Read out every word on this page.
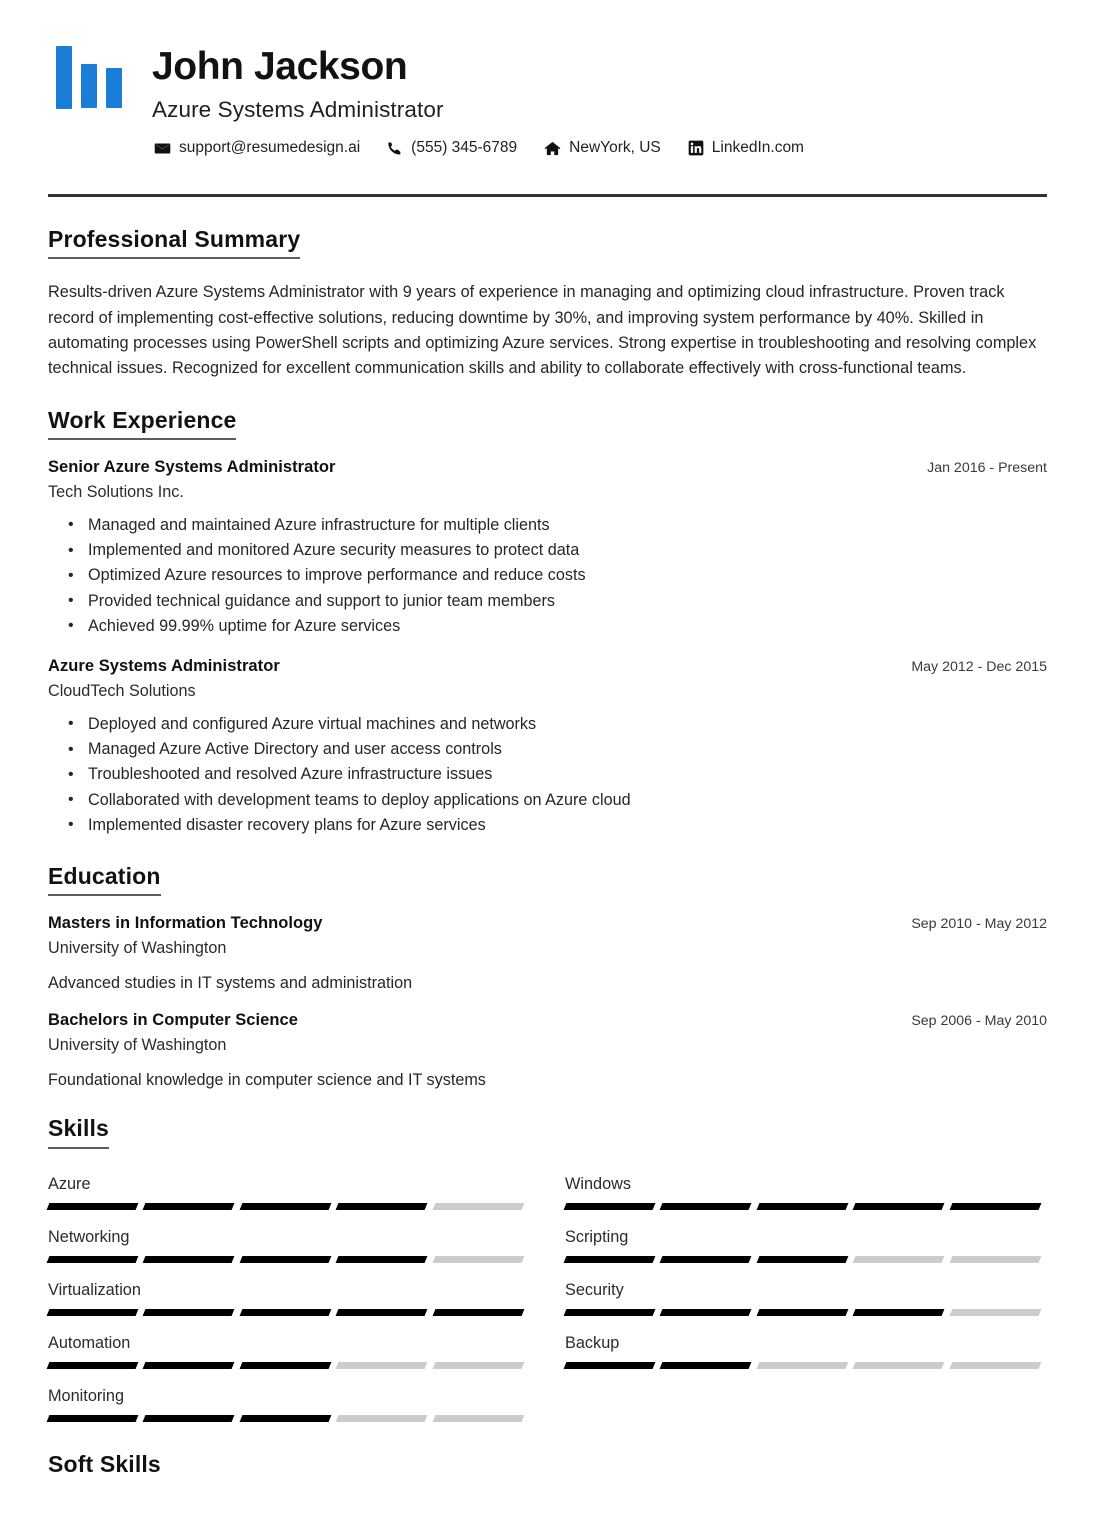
John Jackson
Azure Systems Administrator
support@resumedesign.ai	(555) 345-6789	NewYork, US	LinkedIn.com
Professional Summary

Results-driven Azure Systems Administrator with 9 years of experience in managing and optimizing cloud infrastructure. Proven track record of implementing cost-effective solutions, reducing downtime by 30%, and improving system performance by 40%. Skilled in automating processes using PowerShell scripts and optimizing Azure services. Strong expertise in troubleshooting and resolving complex technical issues. Recognized for excellent communication skills and ability to collaborate effectively with cross-functional teams.

Work Experience
Senior Azure Systems Administrator	Jan 2016 - Present
Tech Solutions Inc.
• Managed and maintained Azure infrastructure for multiple clients
• Implemented and monitored Azure security measures to protect data
• Optimized Azure resources to improve performance and reduce costs
• Provided technical guidance and support to junior team members
• Achieved 99.99% uptime for Azure services
Azure Systems Administrator	May 2012 - Dec 2015
CloudTech Solutions
• Deployed and configured Azure virtual machines and networks
• Managed Azure Active Directory and user access controls
• Troubleshooted and resolved Azure infrastructure issues
• Collaborated with development teams to deploy applications on Azure cloud
• Implemented disaster recovery plans for Azure services
Education
Masters in Information Technology	Sep 2010 - May 2012
University of Washington
Advanced studies in IT systems and administration
Bachelors in Computer Science	Sep 2006 - May 2010
University of Washington
Foundational knowledge in computer science and IT systems
Skills
Azure	Windows
Networking	Scripting
Virtualization	Security
Automation	Backup
Monitoring
Soft Skills
